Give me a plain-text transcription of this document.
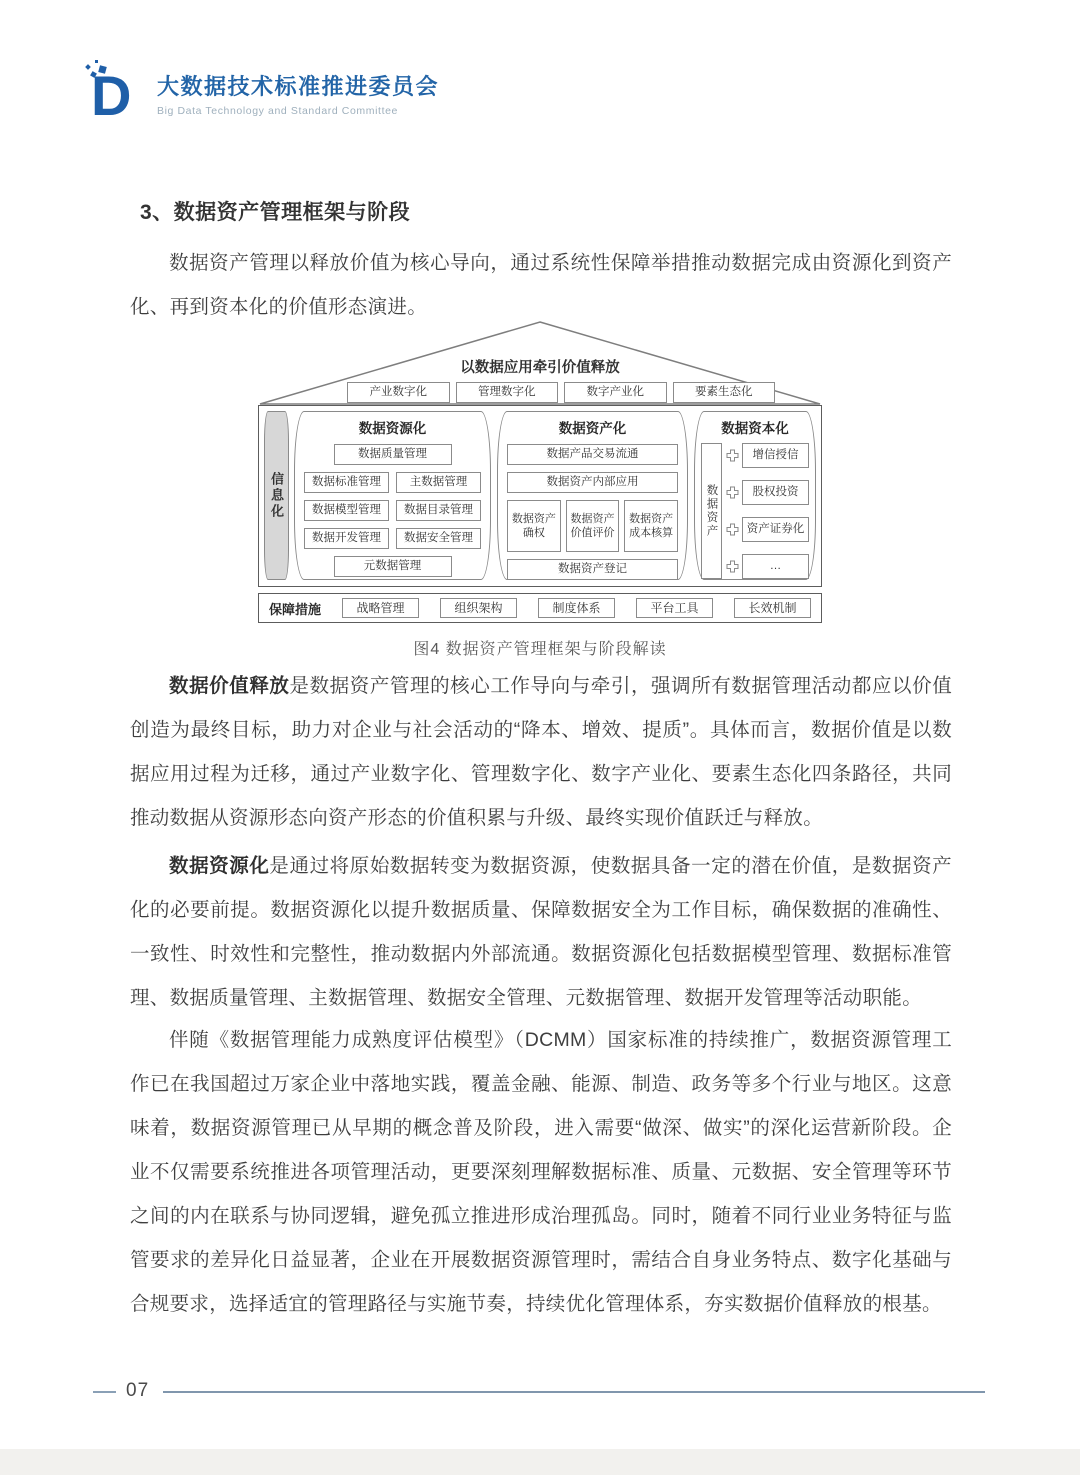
D 大数据技术标准推进委员会
Big Data Technology and Standard Committee
3、数据资产管理框架与阶段

数据资产管理以释放价值为核心导向，通过系统性保障举措推动数据完成由资源化到资产化、再到资本化的价值形态演进。

以数据应用牵引价值释放
产业数字化	管理数字化	数字产业化	要素生态化
信息化
数据资源化
数据质量管理
数据标准管理	主数据管理
数据模型管理	数据目录管理
数据开发管理	数据安全管理
元数据管理
数据资产化
数据产品交易流通
数据资产内部应用
数据资产确权
数据资产价值评价
数据资产成本核算
数据资产登记
数据资本化
数据资产
增信授信
股权投资
资产证券化
…
保障措施	战略管理	组织架构	制度体系	平台工具	长效机制
图4 数据资产管理框架与阶段解读

数据价值释放是数据资产管理的核心工作导向与牵引，强调所有数据管理活动都应以价值创造为最终目标，助力对企业与社会活动的“降本、增效、提质”。具体而言，数据价值是以数据应用过程为迁移，通过产业数字化、管理数字化、数字产业化、要素生态化四条路径，共同推动数据从资源形态向资产形态的价值积累与升级、最终实现价值跃迁与释放。

数据资源化是通过将原始数据转变为数据资源，使数据具备一定的潜在价值，是数据资产化的必要前提。数据资源化以提升数据质量、保障数据安全为工作目标，确保数据的准确性、一致性、时效性和完整性，推动数据内外部流通。数据资源化包括数据模型管理、数据标准管理、数据质量管理、主数据管理、数据安全管理、元数据管理、数据开发管理等活动职能。

伴随《数据管理能力成熟度评估模型》（DCMM）国家标准的持续推广，数据资源管理工作已在我国超过万家企业中落地实践，覆盖金融、能源、制造、政务等多个行业与地区。这意味着，数据资源管理已从早期的概念普及阶段，进入需要“做深、做实”的深化运营新阶段。企业不仅需要系统推进各项管理活动，更要深刻理解数据标准、质量、元数据、安全管理等环节之间的内在联系与协同逻辑，避免孤立推进形成治理孤岛。同时，随着不同行业业务特征与监管要求的差异化日益显著，企业在开展数据资源管理时，需结合自身业务特点、数字化基础与合规要求，选择适宜的管理路径与实施节奏，持续优化管理体系，夯实数据价值释放的根基。

07
